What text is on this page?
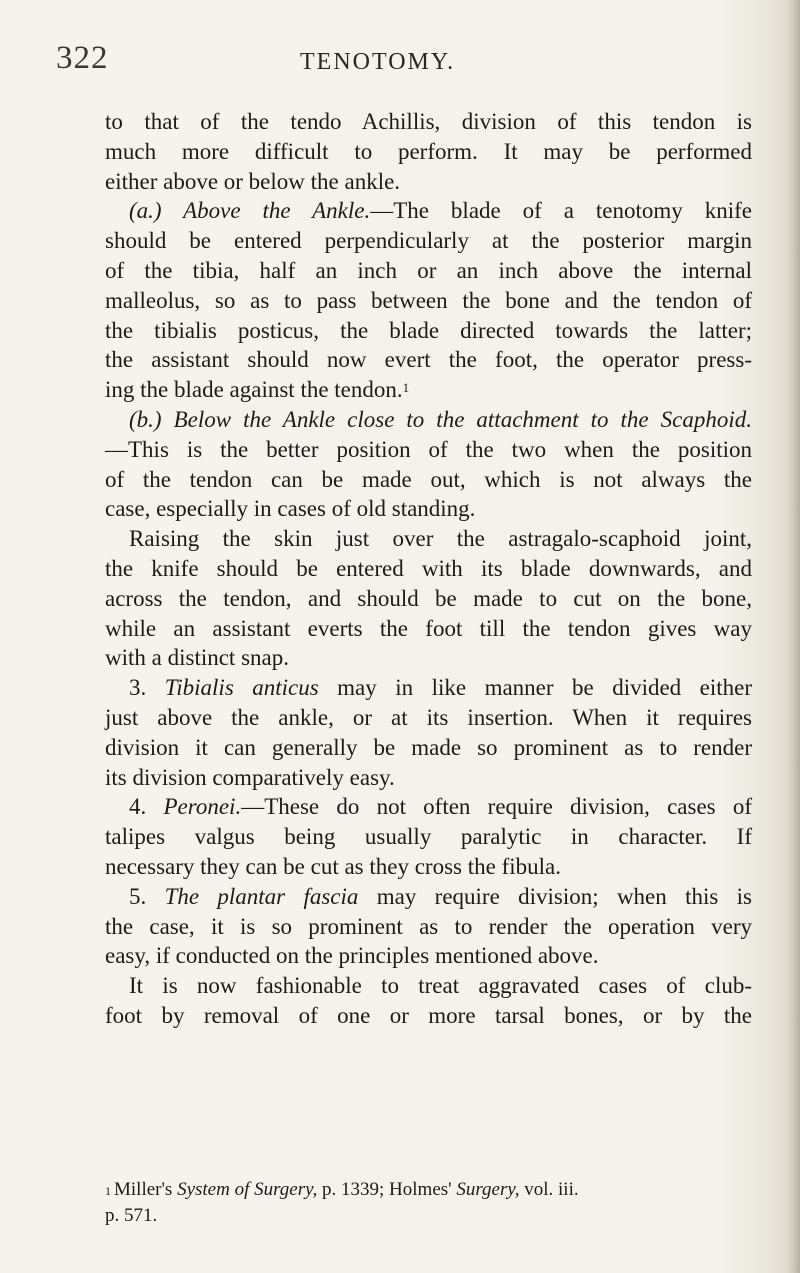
322	TENOTOMY.
to that of the tendo Achillis, division of this tendon is
much more difficult to perform. It may be performed
either above or below the ankle.
(a.) Above the Ankle.—The blade of a tenotomy knife
should be entered perpendicularly at the posterior margin
of the tibia, half an inch or an inch above the internal
malleolus, so as to pass between the bone and the tendon of
the tibialis posticus, the blade directed towards the latter;
the assistant should now evert the foot, the operator press-
ing the blade against the tendon.$^1$
(b.) Below the Ankle close to the attachment to the Scaphoid.
—This is the better position of the two when the position
of the tendon can be made out, which is not always the
case, especially in cases of old standing.
Raising the skin just over the astragalo-scaphoid joint,
the knife should be entered with its blade downwards, and
across the tendon, and should be made to cut on the bone,
while an assistant everts the foot till the tendon gives way
with a distinct snap.
3. Tibialis anticus may in like manner be divided either
just above the ankle, or at its insertion. When it requires
division it can generally be made so prominent as to render
its division comparatively easy.
4. Peronei.—These do not often require division, cases of
talipes valgus being usually paralytic in character. If
necessary they can be cut as they cross the fibula.
5. The plantar fascia may require division; when this is
the case, it is so prominent as to render the operation very
easy, if conducted on the principles mentioned above.
It is now fashionable to treat aggravated cases of club-
foot by removal of one or more tarsal bones, or by the
$^1$ Miller's System of Surgery, p. 1339; Holmes' Surgery, vol. iii.
p. 571.
